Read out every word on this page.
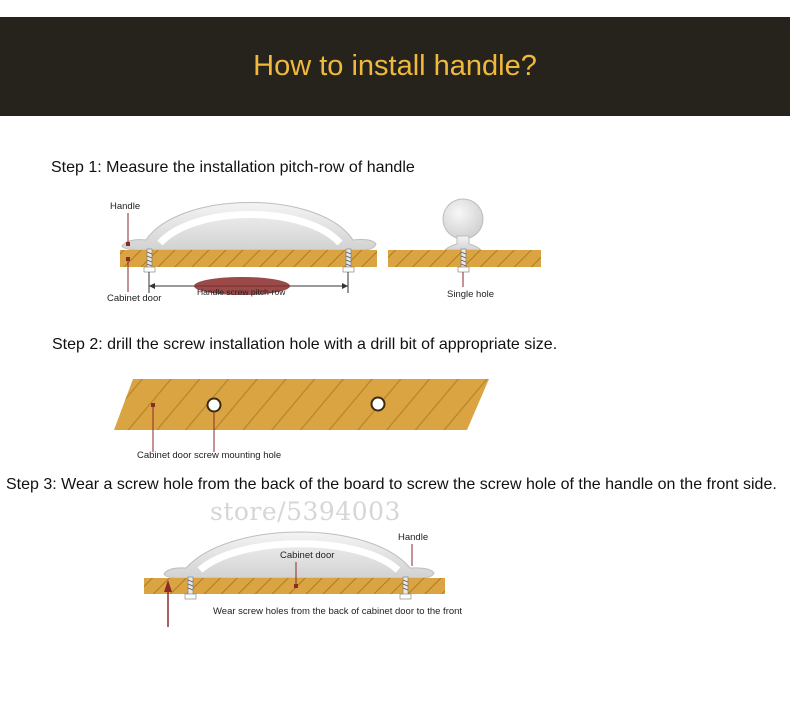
How to install handle?
Step 1: Measure the installation pitch-row of handle
Step 2: drill the screw installation hole with a drill bit of appropriate size.
Step 3: Wear a screw hole from the back of the board to screw the screw hole of the handle on the front side.
Handle
Cabinet door
Handle screw pitch-row	Single hole
Cabinet door screw mounting hole
Handle
Cabinet door
Wear screw holes from the back of cabinet door to the front
store/5394003
